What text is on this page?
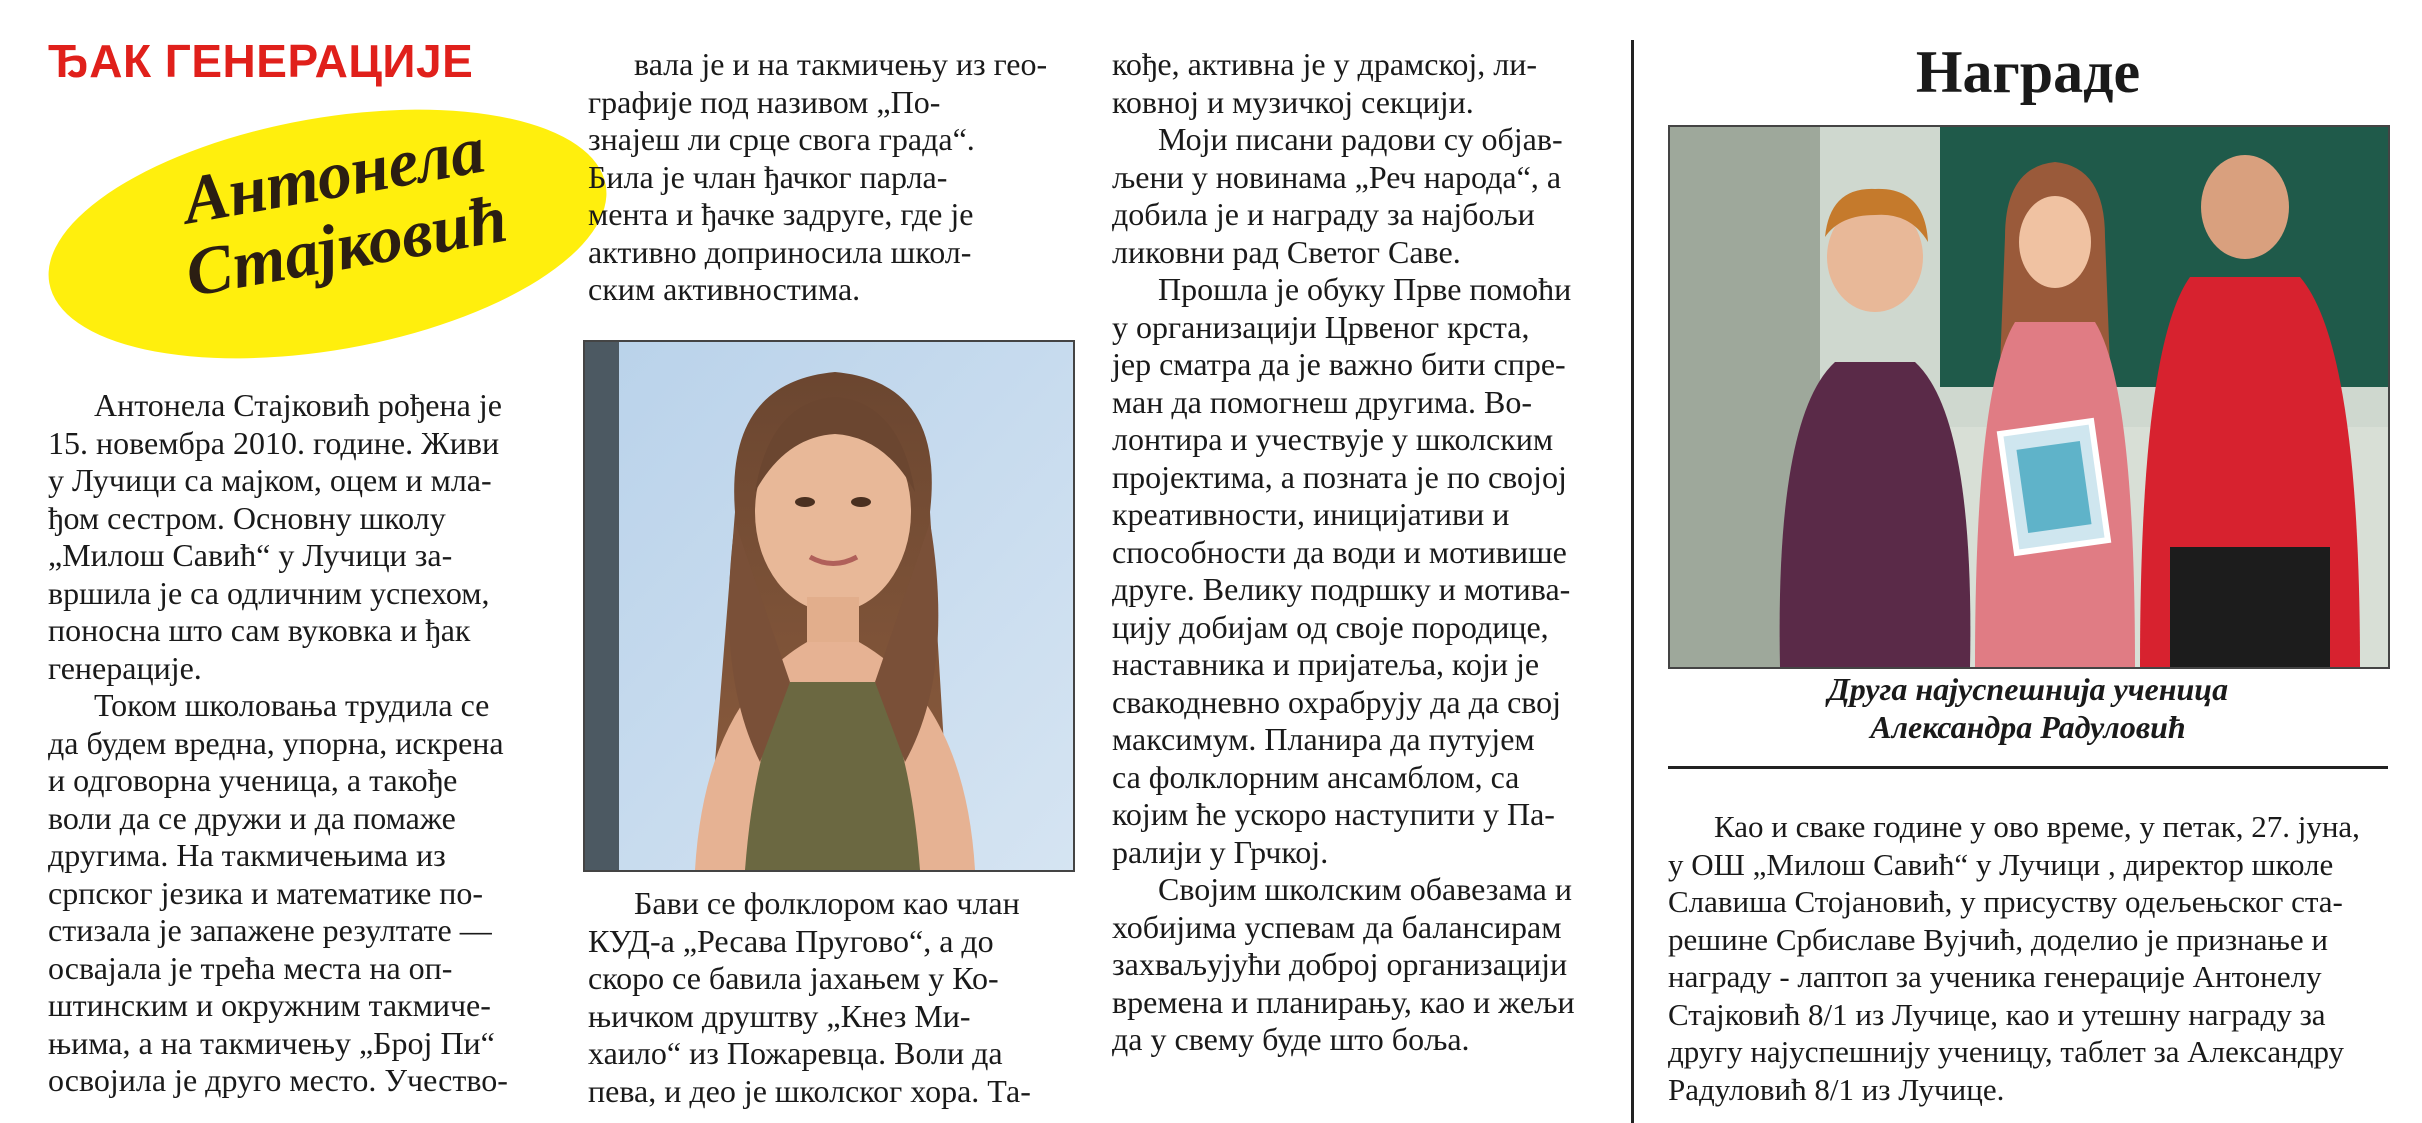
ЂАК ГЕНЕРАЦИЈЕ
Антонела
Стајковић

Антонела Стајковић рођена је
15. новембра 2010. године. Живи
у Лучици са мајком, оцем и мла-
ђом сестром. Основну школу
„Милош Савић“ у Лучици за-
вршила је са одличним успехом,
поносна што сам вуковка и ђак
генерације.

Током школовања трудила се
да будем вредна, упорна, искрена
и одговорна ученица, а такође
воли да се дружи и да помаже
другима. На такмичењима из
српског језика и математике по-
стизала је запажене резултате —
освајала је трећа места на оп-
штинским и окружним такмиче-
њима, а на такмичењу „Број Пи“
освојила је друго место. Учество-

вала је и на такмичењу из гео-
графије под називом „По-
знајеш ли срце свога града“.
Била је члан ђачког парла-
мента и ђачке задруге, где је
активно доприносила школ-
ским активностима.

Бави се фолклором као члан
КУД-а „Ресава Пругово“, а до
скоро се бавила јахањем у Ко-
њичком друштву „Кнез Ми-
хаило“ из Пожаревца. Воли да
пева, и део је школског хора. Та-

кође, активна је у драмској, ли-
ковној и музичкој секцији.

Моји писани радови су објав-
љени у новинама „Реч народа“, а
добила је и награду за најбољи
ликовни рад Светог Саве.

Прошла је обуку Прве помоћи
у организацији Црвеног крста,
јер сматра да је важно бити спре-
ман да помогнеш другима. Во-
лонтира и учествује у школским
пројектима, а позната је по својој
креативности, иницијативи и
способности да води и мотивише
друге. Велику подршку и мотива-
цију добијам од своје породице,
наставника и пријатеља, који је
свакодневно охрабрују да да свој
максимум. Планира да путујем
са фолклорним ансамблом, са
којим ће ускоро наступити у Па-
ралији у Грчкој.

Својим школским обавезама и
хобијима успевам да балансирам
захваљујући доброј организацији
времена и планирању, као и жељи
да у свему буде што боља.

Награде

Друга најуспешнија ученица
Александра Радуловић

Као и сваке године у ово време, у петак, 27. јуна,
у ОШ „Милош Савић“ у Лучици , директор школе
Славиша Стојановић, у присуству одељењског ста-
решине Србиславе Вујчић, доделио је признање и
награду - лаптоп за ученика генерације Антонелу
Стајковић 8/1 из Лучице, као и утешну награду за
другу најуспешнију ученицу, таблет за Александру
Радуловић 8/1 из Лучице.
